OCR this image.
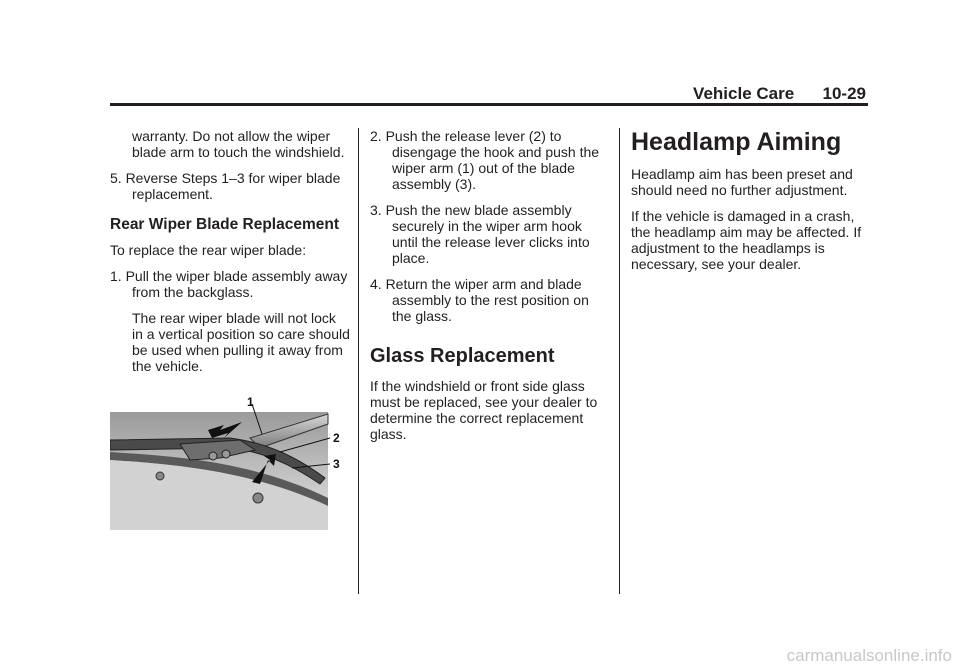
Vehicle Care 10-29

warranty. Do not allow the wiper blade arm to touch the windshield.

5. Reverse Steps 1–3 for wiper blade replacement.

Rear Wiper Blade Replacement

To replace the rear wiper blade:

1. Pull the wiper blade assembly away from the backglass.

The rear wiper blade will not lock in a vertical position so care should be used when pulling it away from the vehicle.

1
2
3

2. Push the release lever (2) to disengage the hook and push the wiper arm (1) out of the blade assembly (3).

3. Push the new blade assembly securely in the wiper arm hook until the release lever clicks into place.

4. Return the wiper arm and blade assembly to the rest position on the glass.

Glass Replacement

If the windshield or front side glass must be replaced, see your dealer to determine the correct replacement glass.

Headlamp Aiming

Headlamp aim has been preset and should need no further adjustment.

If the vehicle is damaged in a crash, the headlamp aim may be affected. If adjustment to the headlamps is necessary, see your dealer.

carmanualsonline.info
